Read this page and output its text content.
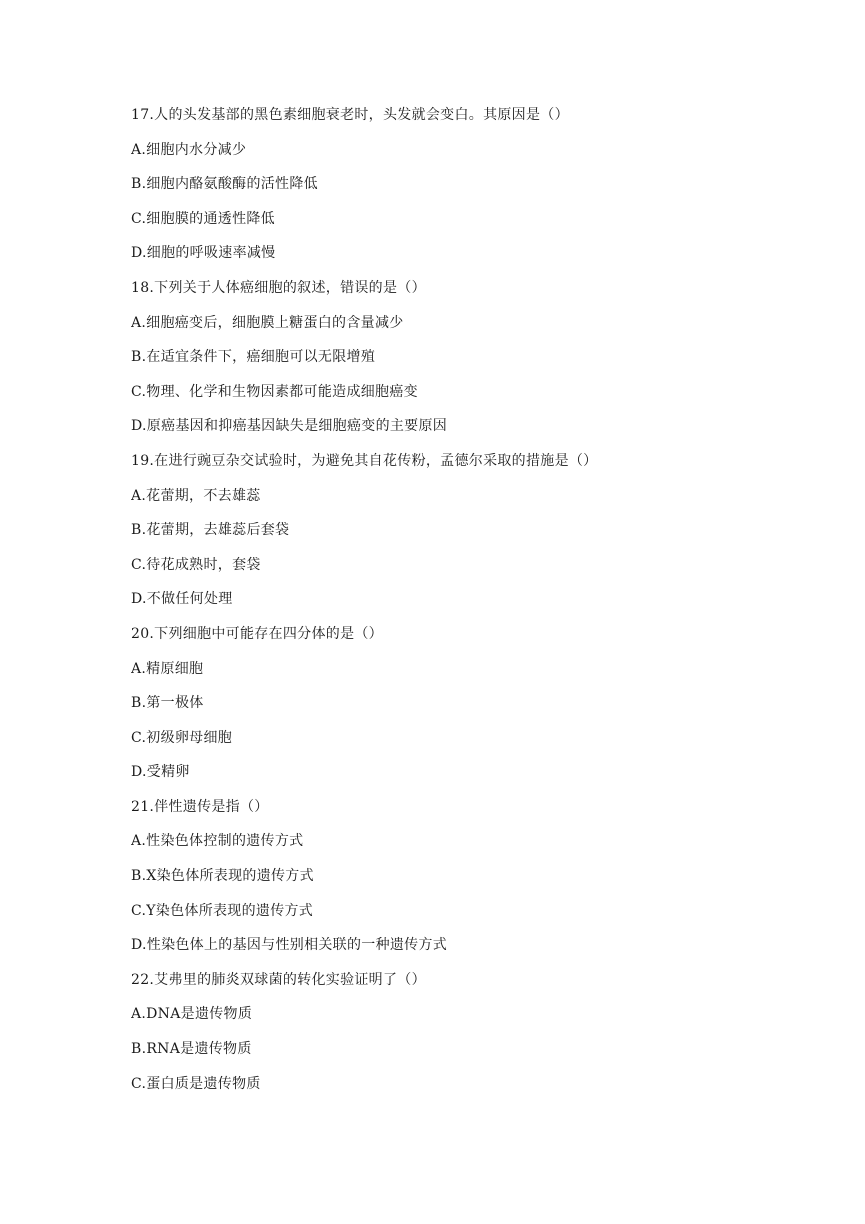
17.人的头发基部的黑色素细胞衰老时，头发就会变白。其原因是（）
A.细胞内水分减少
B.细胞内酪氨酸酶的活性降低
C.细胞膜的通透性降低
D.细胞的呼吸速率减慢
18.下列关于人体癌细胞的叙述，错误的是（）
A.细胞癌变后，细胞膜上糖蛋白的含量减少
B.在适宜条件下，癌细胞可以无限增殖
C.物理、化学和生物因素都可能造成细胞癌变
D.原癌基因和抑癌基因缺失是细胞癌变的主要原因
19.在进行豌豆杂交试验时，为避免其自花传粉，孟德尔采取的措施是（）
A.花蕾期，不去雄蕊
B.花蕾期，去雄蕊后套袋
C.待花成熟时，套袋
D.不做任何处理
20.下列细胞中可能存在四分体的是（）
A.精原细胞
B.第一极体
C.初级卵母细胞
D.受精卵
21.伴性遗传是指（）
A.性染色体控制的遗传方式
B.X染色体所表现的遗传方式
C.Y染色体所表现的遗传方式
D.性染色体上的基因与性别相关联的一种遗传方式
22.艾弗里的肺炎双球菌的转化实验证明了（）
A.DNA是遗传物质
B.RNA是遗传物质
C.蛋白质是遗传物质
